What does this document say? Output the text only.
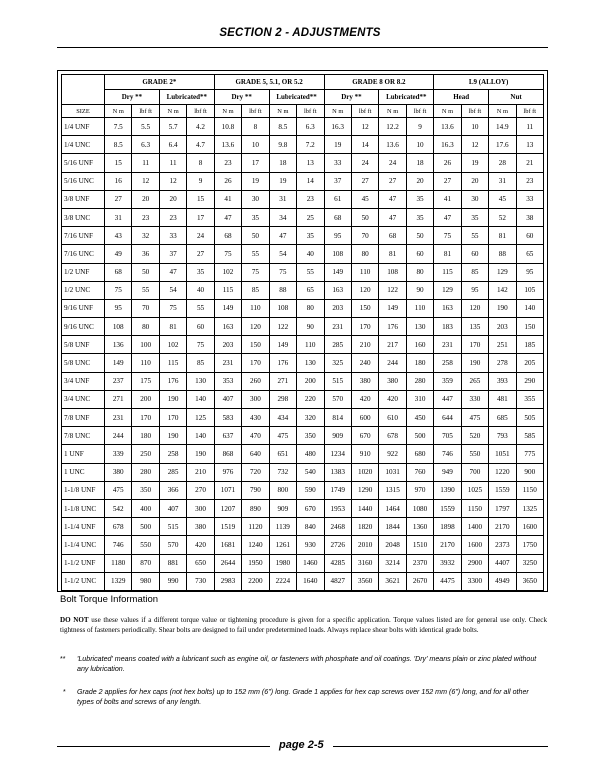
SECTION 2 - ADJUSTMENTS
	GRADE 2*				GRADE 5, 5.1, OR 5.2				GRADE 8 OR 8.2				L9 (ALLOY)			
	Dry **		Lubricated**		Dry **		Lubricated**		Dry **		Lubricated**		Head		Nut	
SIZE	N m	lbf ft	N m	lbf ft	N m	lbf ft	N m	lbf ft	N m	lbf ft	N m	lbf ft	N m	lbf ft	N m	lbf ft
1/4 UNF	7.5	5.5	5.7	4.2	10.8	8	8.5	6.3	16.3	12	12.2	9	13.6	10	14.9	11
1/4 UNC	8.5	6.3	6.4	4.7	13.6	10	9.8	7.2	19	14	13.6	10	16.3	12	17.6	13
5/16 UNF	15	11	11	8	23	17	18	13	33	24	24	18	26	19	28	21
5/16 UNC	16	12	12	9	26	19	19	14	37	27	27	20	27	20	31	23
3/8 UNF	27	20	20	15	41	30	31	23	61	45	47	35	41	30	45	33
3/8 UNC	31	23	23	17	47	35	34	25	68	50	47	35	47	35	52	38
7/16 UNF	43	32	33	24	68	50	47	35	95	70	68	50	75	55	81	60
7/16 UNC	49	36	37	27	75	55	54	40	108	80	81	60	81	60	88	65
1/2 UNF	68	50	47	35	102	75	75	55	149	110	108	80	115	85	129	95
1/2 UNC	75	55	54	40	115	85	88	65	163	120	122	90	129	95	142	105
9/16 UNF	95	70	75	55	149	110	108	80	203	150	149	110	163	120	190	140
9/16 UNC	108	80	81	60	163	120	122	90	231	170	176	130	183	135	203	150
5/8 UNF	136	100	102	75	203	150	149	110	285	210	217	160	231	170	251	185
5/8 UNC	149	110	115	85	231	170	176	130	325	240	244	180	258	190	278	205
3/4 UNF	237	175	176	130	353	260	271	200	515	380	380	280	359	265	393	290
3/4 UNC	271	200	190	140	407	300	298	220	570	420	420	310	447	330	481	355
7/8 UNF	231	170	170	125	583	430	434	320	814	600	610	450	644	475	685	505
7/8 UNC	244	180	190	140	637	470	475	350	909	670	678	500	705	520	793	585
1 UNF	339	250	258	190	868	640	651	480	1234	910	922	680	746	550	1051	775
1 UNC	380	280	285	210	976	720	732	540	1383	1020	1031	760	949	700	1220	900
1-1/8 UNF	475	350	366	270	1071	790	800	590	1749	1290	1315	970	1390	1025	1559	1150
1-1/8 UNC	542	400	407	300	1207	890	909	670	1953	1440	1464	1080	1559	1150	1797	1325
1-1/4 UNF	678	500	515	380	1519	1120	1139	840	2468	1820	1844	1360	1898	1400	2170	1600
1-1/4 UNC	746	550	570	420	1681	1240	1261	930	2726	2010	2048	1510	2170	1600	2373	1750
1-1/2 UNF	1180	870	881	650	2644	1950	1980	1460	4285	3160	3214	2370	3932	2900	4407	3250
1-1/2 UNC	1329	980	990	730	2983	2200	2224	1640	4827	3560	3621	2670	4475	3300	4949	3650
Bolt Torque Information
DO NOT use these values if a different torque value or tightening procedure is given for a specific application. Torque values listed are for general use only. Check tightness of fasteners periodically. Shear bolts are designed to fail under predetermined loads. Always replace shear bolts with identical grade bolts.
** 'Lubricated' means coated with a lubricant such as engine oil, or fasteners with phosphate and oil coatings. 'Dry' means plain or zinc plated without any lubrication.
* Grade 2 applies for hex caps (not hex bolts) up to 152 mm (6") long. Grade 1 applies for hex cap screws over 152 mm (6") long, and for all other types of bolts and screws of any length.
page 2-5
